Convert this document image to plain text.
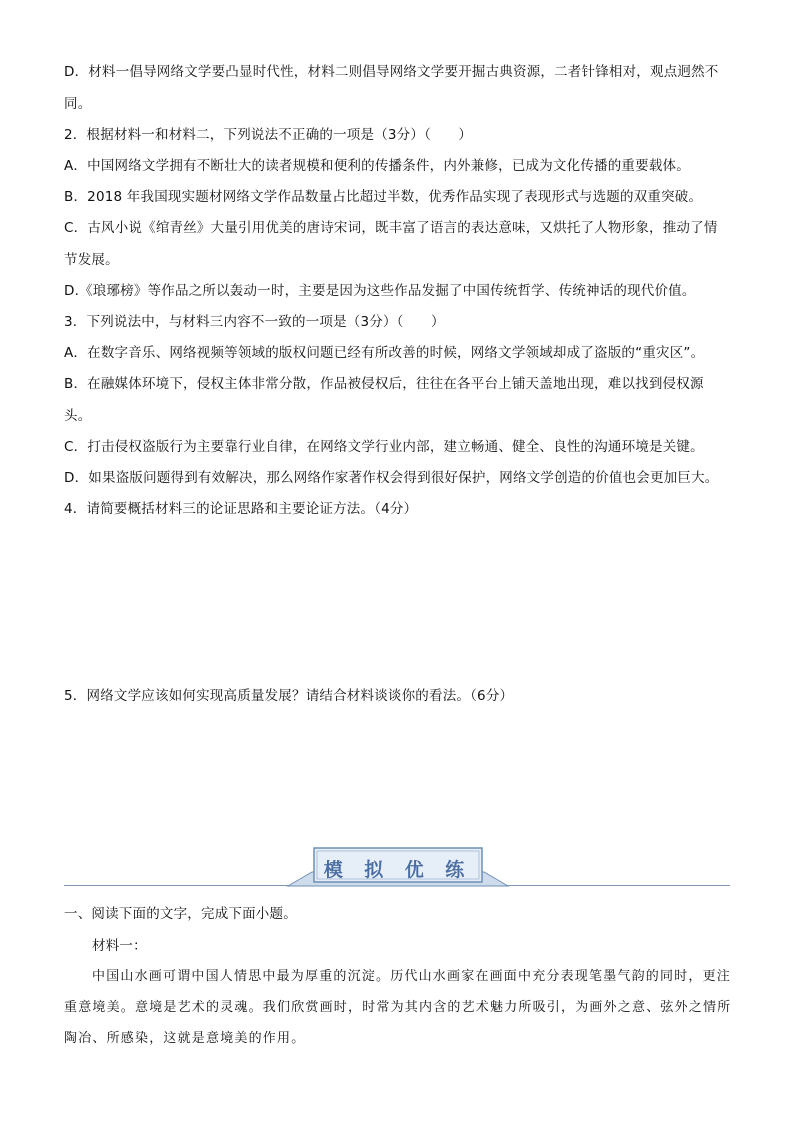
D．材料一倡导网络文学要凸显时代性，材料二则倡导网络文学要开掘古典资源，二者针锋相对，观点迥然不
同。
2．根据材料一和材料二，下列说法不正确的一项是（3分）（　　）
A．中国网络文学拥有不断壮大的读者规模和便利的传播条件，内外兼修，已成为文化传播的重要载体。
B．2018 年我国现实题材网络文学作品数量占比超过半数，优秀作品实现了表现形式与选题的双重突破。
C．古风小说《绾青丝》大量引用优美的唐诗宋词，既丰富了语言的表达意味，又烘托了人物形象，推动了情
节发展。
D.《琅琊榜》等作品之所以轰动一时，主要是因为这些作品发掘了中国传统哲学、传统神话的现代价值。
3．下列说法中，与材料三内容不一致的一项是（3分）（　　）
A．在数字音乐、网络视频等领域的版权问题已经有所改善的时候，网络文学领域却成了盗版的“重灾区”。
B．在融媒体环境下，侵权主体非常分散，作品被侵权后，往往在各平台上铺天盖地出现，难以找到侵权源
头。
C．打击侵权盗版行为主要靠行业自律，在网络文学行业内部，建立畅通、健全、良性的沟通环境是关键。
D．如果盗版问题得到有效解决，那么网络作家著作权会得到很好保护，网络文学创造的价值也会更加巨大。
4．请简要概括材料三的论证思路和主要论证方法。（4分）
5．网络文学应该如何实现高质量发展？请结合材料谈谈你的看法。（6分）
模 拟 优 练
一、阅读下面的文字，完成下面小题。
材料一：
中国山水画可谓中国人情思中最为厚重的沉淀。历代山水画家在画面中充分表现笔墨气韵的同时，更注
重意境美。意境是艺术的灵魂。我们欣赏画时，时常为其内含的艺术魅力所吸引，为画外之意、弦外之情所
陶冶、所感染，这就是意境美的作用。
